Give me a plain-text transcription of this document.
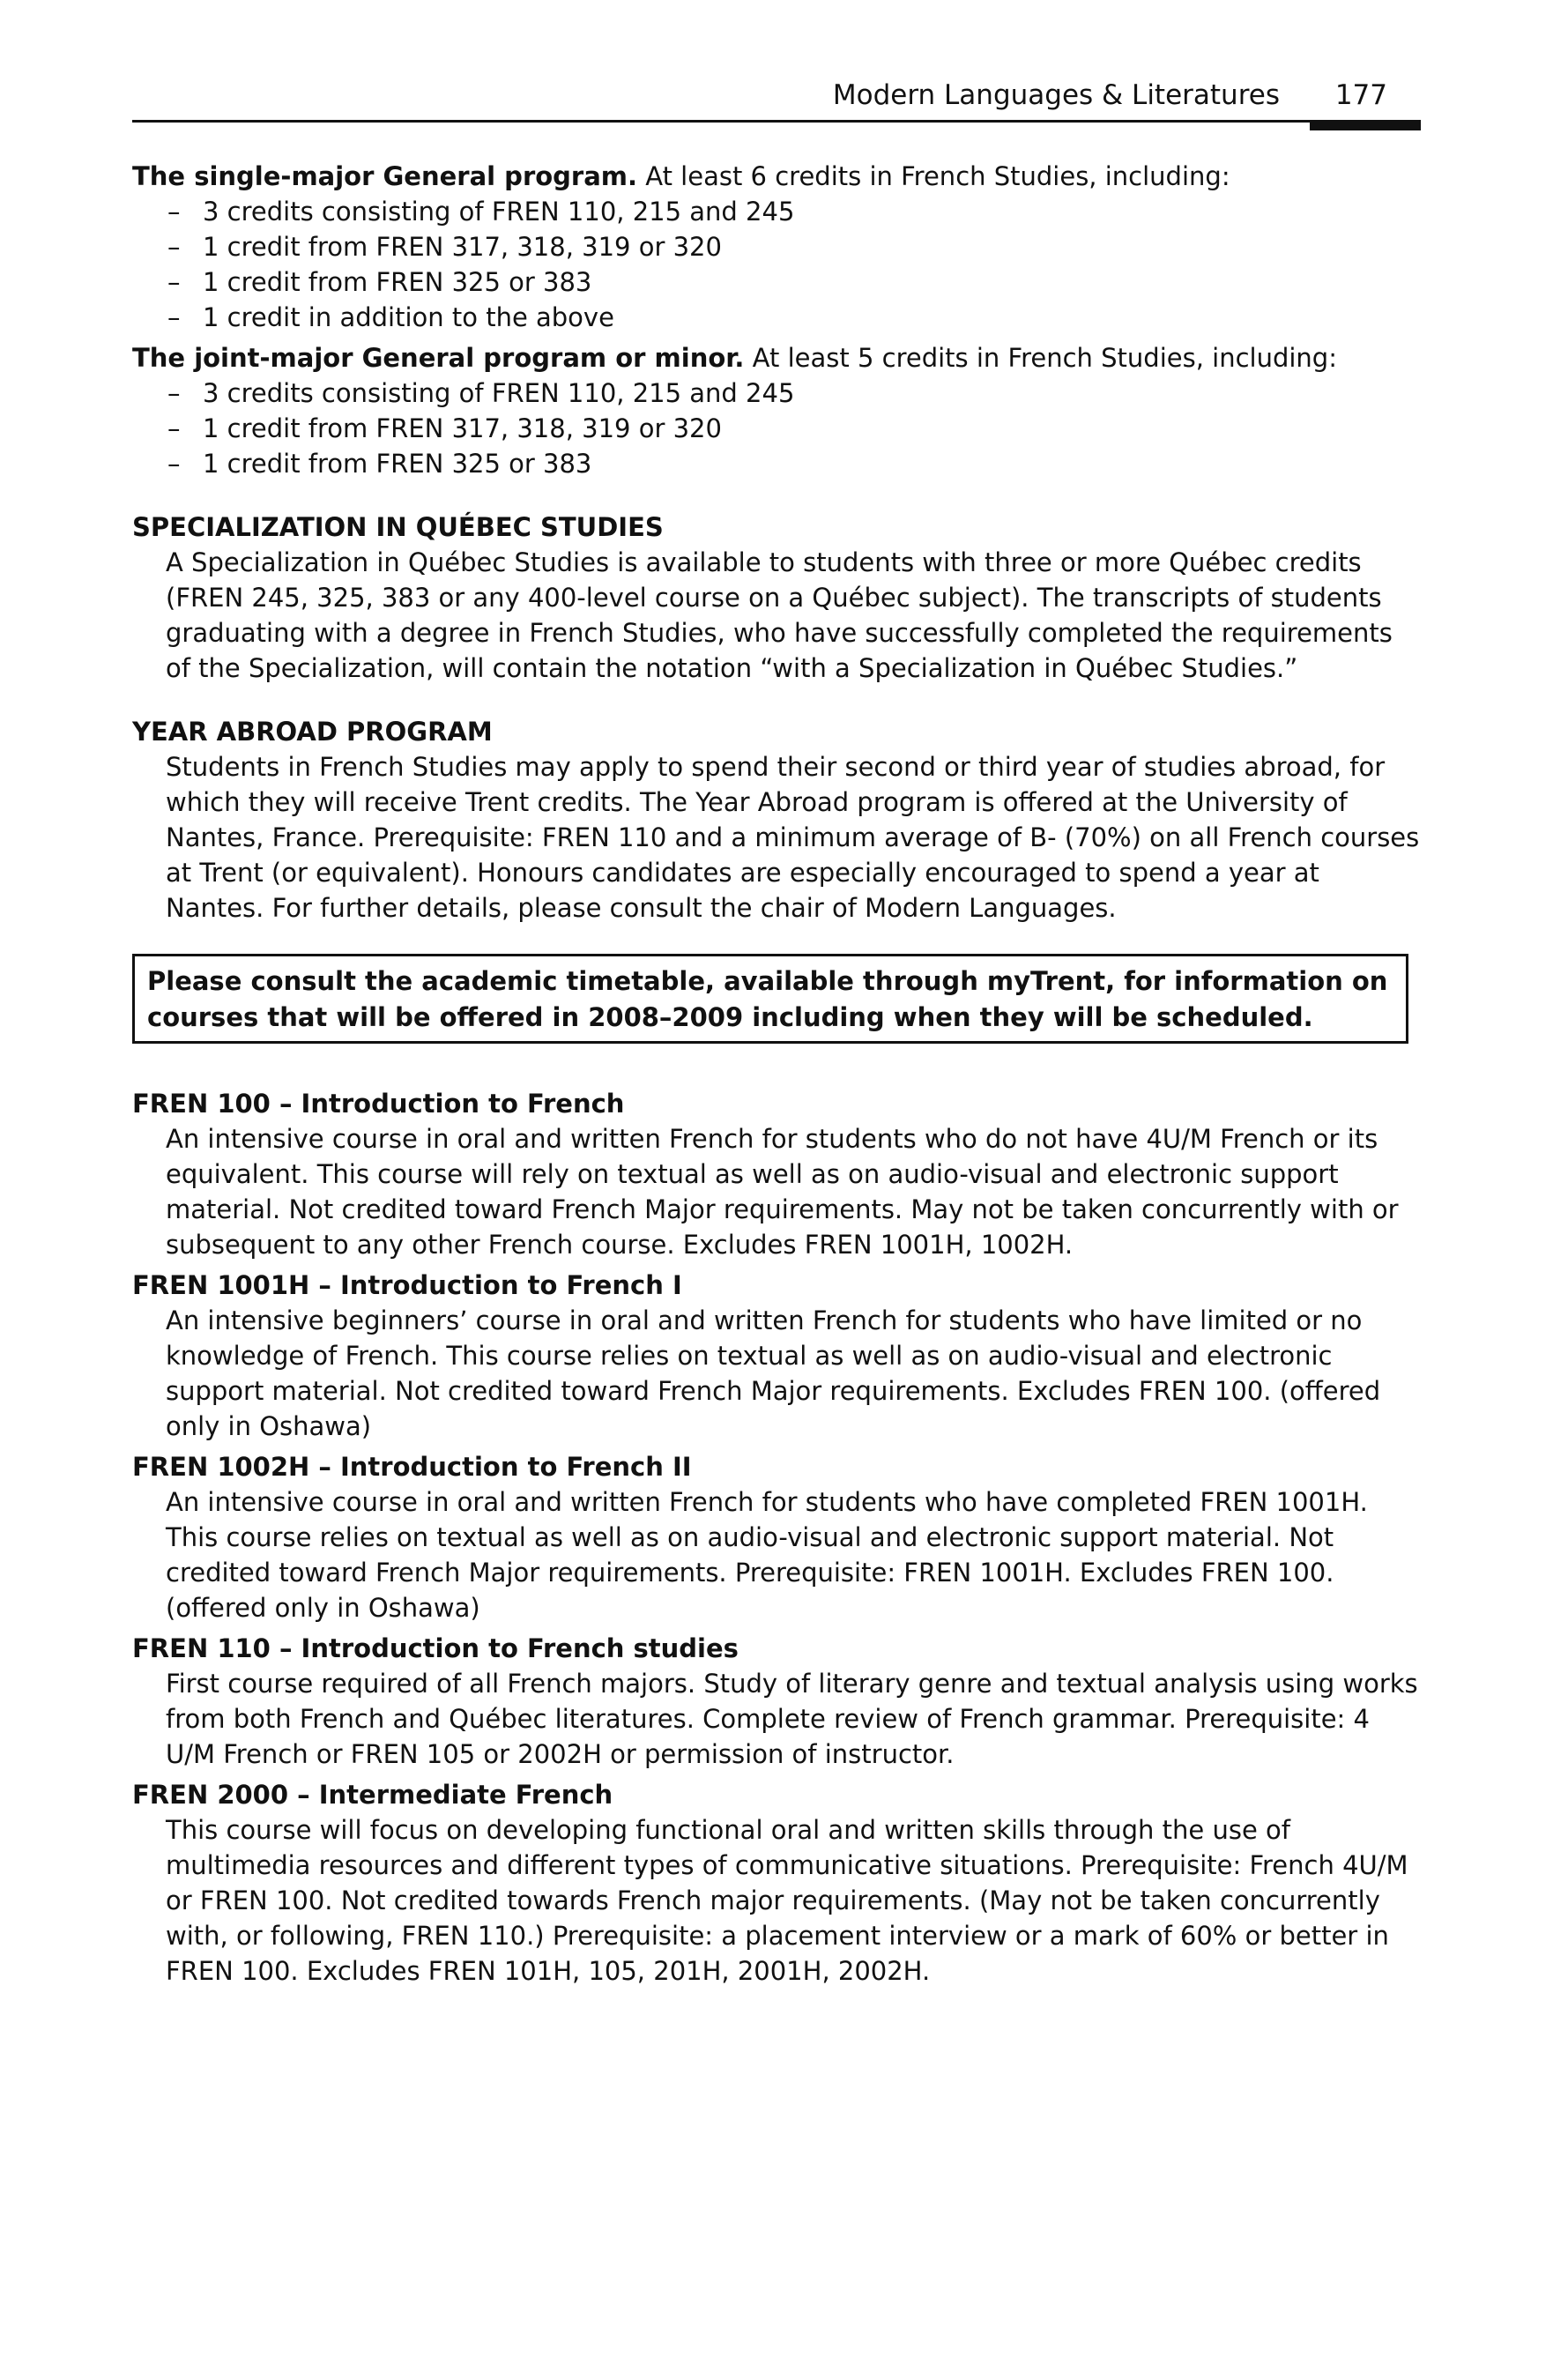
Modern Languages & Literatures 177

The single-major General program. At least 6 credits in French Studies, including:

– 3 credits consisting of FREN 110, 215 and 245
– 1 credit from FREN 317, 318, 319 or 320
– 1 credit from FREN 325 or 383
– 1 credit in addition to the above

The joint-major General program or minor. At least 5 credits in French Studies, including:

– 3 credits consisting of FREN 110, 215 and 245
– 1 credit from FREN 317, 318, 319 or 320
– 1 credit from FREN 325 or 383

SPECIALIZATION IN QUÉBEC STUDIES

A Specialization in Québec Studies is available to students with three or more Québec credits (FREN 245, 325, 383 or any 400-level course on a Québec subject). The transcripts of students graduating with a degree in French Studies, who have successfully completed the requirements of the Specialization, will contain the notation “with a Specialization in Québec Studies.”

YEAR ABROAD PROGRAM

Students in French Studies may apply to spend their second or third year of studies abroad, for which they will receive Trent credits. The Year Abroad program is offered at the University of Nantes, France. Prerequisite: FREN 110 and a minimum average of B- (70%) on all French courses at Trent (or equivalent). Honours candidates are especially encouraged to spend a year at Nantes. For further details, please consult the chair of Modern Languages.

Please consult the academic timetable, available through myTrent, for information on courses that will be offered in 2008–2009 including when they will be scheduled.

FREN 100 – Introduction to French

An intensive course in oral and written French for students who do not have 4U/M French or its equivalent. This course will rely on textual as well as on audio-visual and electronic support material. Not credited toward French Major requirements. May not be taken concurrently with or subsequent to any other French course. Excludes FREN 1001H, 1002H.

FREN 1001H – Introduction to French I

An intensive beginners’ course in oral and written French for students who have limited or no knowledge of French. This course relies on textual as well as on audio-visual and electronic support material. Not credited toward French Major requirements. Excludes FREN 100. (offered only in Oshawa)

FREN 1002H – Introduction to French II

An intensive course in oral and written French for students who have completed FREN 1001H. This course relies on textual as well as on audio-visual and electronic support material. Not credited toward French Major requirements. Prerequisite: FREN 1001H. Excludes FREN 100. (offered only in Oshawa)

FREN 110 – Introduction to French studies

First course required of all French majors. Study of literary genre and textual analysis using works from both French and Québec literatures. Complete review of French grammar. Prerequisite: 4 U/M French or FREN 105 or 2002H or permission of instructor.

FREN 2000 – Intermediate French

This course will focus on developing functional oral and written skills through the use of multimedia resources and different types of communicative situations. Prerequisite: French 4U/M or FREN 100. Not credited towards French major requirements. (May not be taken concurrently with, or following, FREN 110.) Prerequisite: a placement interview or a mark of 60% or better in FREN 100. Excludes FREN 101H, 105, 201H, 2001H, 2002H.
